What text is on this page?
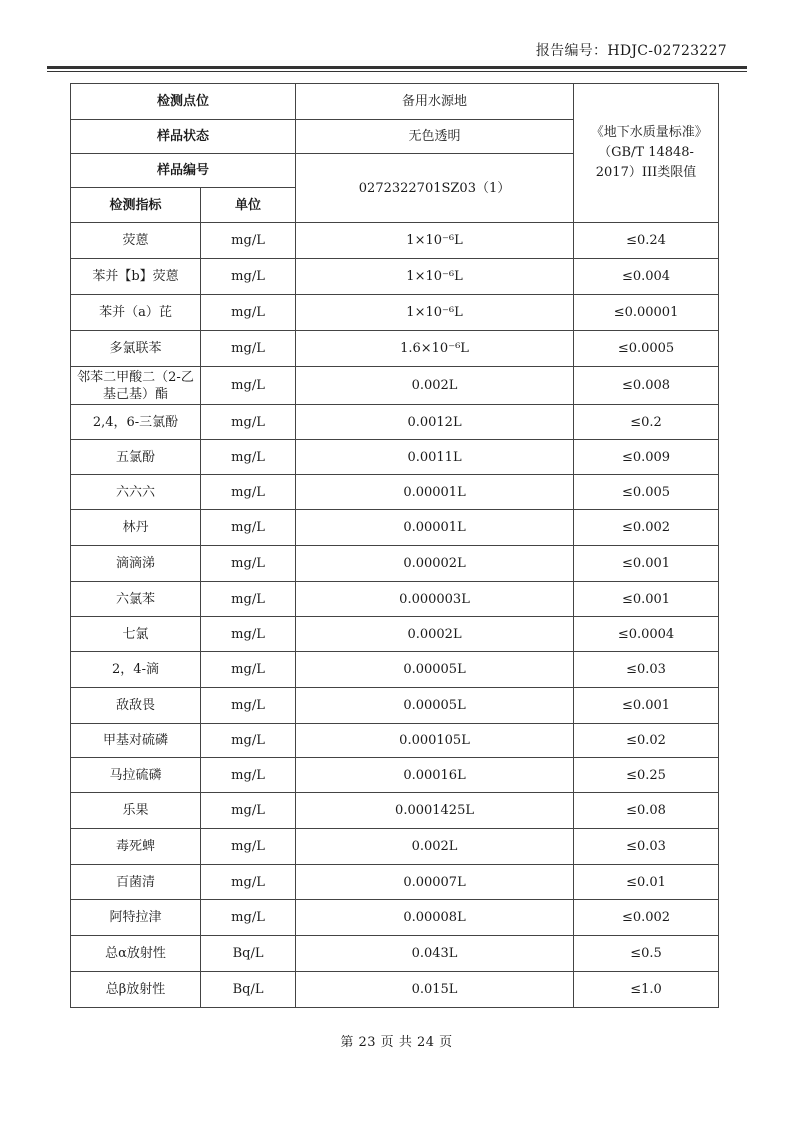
报告编号：HDJC-02723227
检测点位		备用水源地	《地下水质量标准》（GB/T 14848-2017）III类限值
样品状态		无色透明	
样品编号		0272322701SZ03（1）	
检测指标	单位		
荧蒽	mg/L	1×10⁻⁶L	≤0.24
苯并【b】荧蒽	mg/L	1×10⁻⁶L	≤0.004
苯并（a）芘	mg/L	1×10⁻⁶L	≤0.00001
多氯联苯	mg/L	1.6×10⁻⁶L	≤0.0005
邻苯二甲酸二（2-乙基己基）酯	mg/L	0.002L	≤0.008
2,4，6-三氯酚	mg/L	0.0012L	≤0.2
五氯酚	mg/L	0.0011L	≤0.009
六六六	mg/L	0.00001L	≤0.005
林丹	mg/L	0.00001L	≤0.002
滴滴涕	mg/L	0.00002L	≤0.001
六氯苯	mg/L	0.000003L	≤0.001
七氯	mg/L	0.0002L	≤0.0004
2，4-滴	mg/L	0.00005L	≤0.03
敌敌畏	mg/L	0.00005L	≤0.001
甲基对硫磷	mg/L	0.000105L	≤0.02
马拉硫磷	mg/L	0.00016L	≤0.25
乐果	mg/L	0.0001425L	≤0.08
毒死蜱	mg/L	0.002L	≤0.03
百菌清	mg/L	0.00007L	≤0.01
阿特拉津	mg/L	0.00008L	≤0.002
总α放射性	Bq/L	0.043L	≤0.5
总β放射性	Bq/L	0.015L	≤1.0
第 23 页 共 24 页
